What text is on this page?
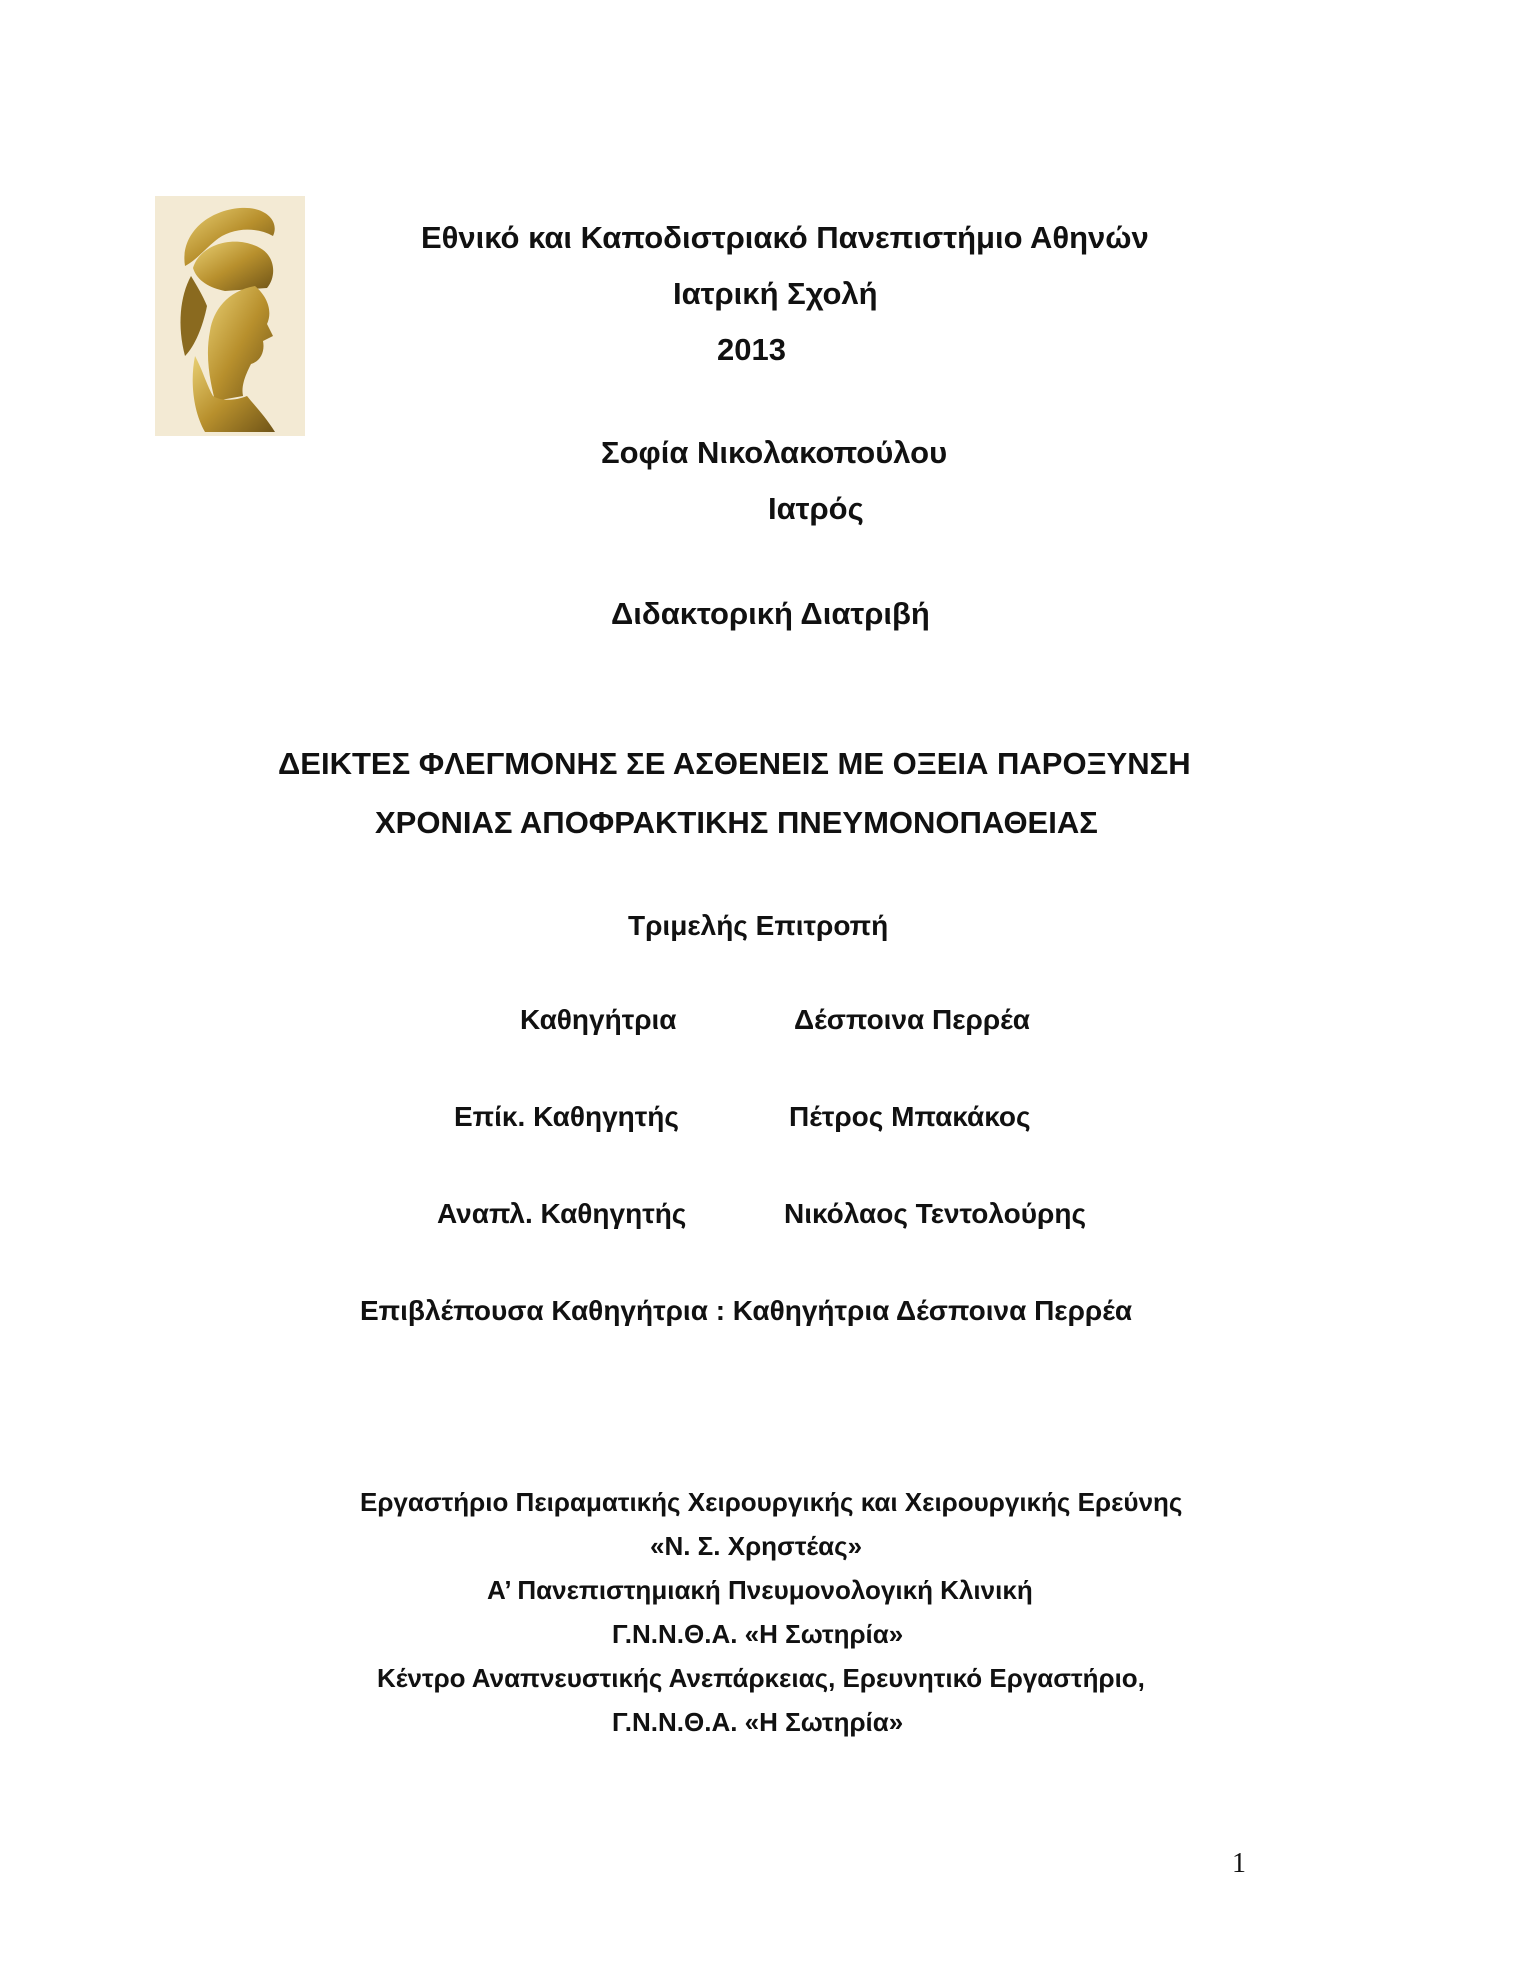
Εθνικό και Καποδιστριακό Πανεπιστήμιο Αθηνών
Ιατρική Σχολή
2013
Σοφία Νικολακοπούλου
Ιατρός
Διδακτορική Διατριβή
ΔΕΙΚΤΕΣ ΦΛΕΓΜΟΝΗΣ ΣΕ ΑΣΘΕΝΕΙΣ ΜΕ ΟΞΕΙΑ ΠΑΡΟΞΥΝΣΗ
ΧΡΟΝΙΑΣ ΑΠΟΦΡΑΚΤΙΚΗΣ ΠΝΕΥΜΟΝΟΠΑΘΕΙΑΣ
Τριμελής Επιτροπή
Καθηγήτρια	Δέσποινα Περρέα
Επίκ. Καθηγητής	Πέτρος Μπακάκος
Αναπλ. Καθηγητής	Νικόλαος Τεντολούρης
Επιβλέπουσα Καθηγήτρια : Καθηγήτρια Δέσποινα Περρέα
Εργαστήριο Πειραματικής Χειρουργικής και Χειρουργικής Ερεύνης
«Ν. Σ. Χρηστέας»
Α’ Πανεπιστημιακή Πνευμονολογική Κλινική
Γ.Ν.Ν.Θ.Α. «Η Σωτηρία»
Κέντρο Αναπνευστικής Ανεπάρκειας, Ερευνητικό Εργαστήριο,
Γ.Ν.Ν.Θ.Α. «Η Σωτηρία»
1
